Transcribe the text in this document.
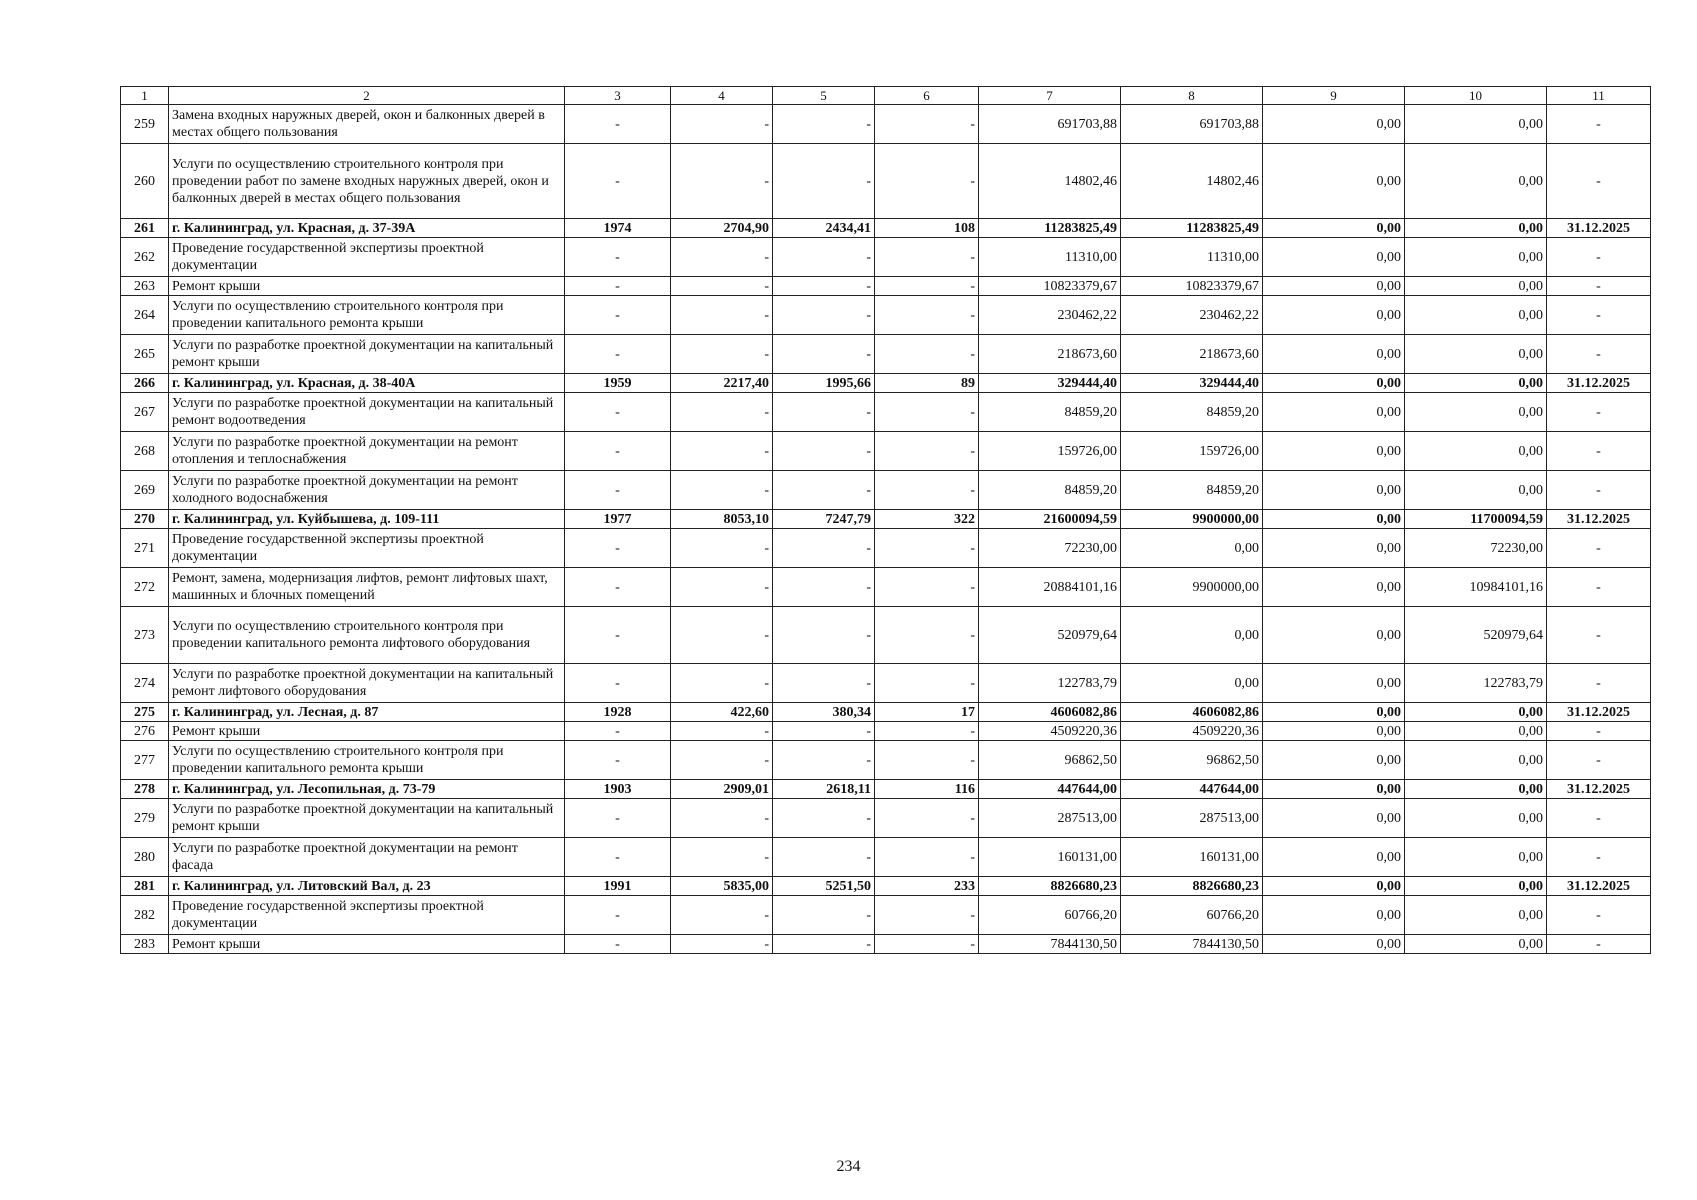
1	2	3	4	5	6	7	8	9	10	11
259	Замена входных наружных дверей, окон и балконных дверей в местах общего пользования	-	-	-	-	691703,88	691703,88	0,00	0,00	-
260	Услуги по осуществлению строительного контроля при проведении работ по замене входных наружных дверей, окон и балконных дверей в местах общего пользования	-	-	-	-	14802,46	14802,46	0,00	0,00	-
261	г. Калининград, ул. Красная, д. 37-39А	1974	2704,90	2434,41	108	11283825,49	11283825,49	0,00	0,00	31.12.2025
262	Проведение государственной экспертизы проектной документации	-	-	-	-	11310,00	11310,00	0,00	0,00	-
263	Ремонт крыши	-	-	-	-	10823379,67	10823379,67	0,00	0,00	-
264	Услуги по осуществлению строительного контроля при проведении капитального ремонта крыши	-	-	-	-	230462,22	230462,22	0,00	0,00	-
265	Услуги по разработке проектной документации на капитальный ремонт крыши	-	-	-	-	218673,60	218673,60	0,00	0,00	-
266	г. Калининград, ул. Красная, д. 38-40А	1959	2217,40	1995,66	89	329444,40	329444,40	0,00	0,00	31.12.2025
267	Услуги по разработке проектной документации на капитальный ремонт водоотведения	-	-	-	-	84859,20	84859,20	0,00	0,00	-
268	Услуги по разработке проектной документации на ремонт отопления и теплоснабжения	-	-	-	-	159726,00	159726,00	0,00	0,00	-
269	Услуги по разработке проектной документации на ремонт холодного водоснабжения	-	-	-	-	84859,20	84859,20	0,00	0,00	-
270	г. Калининград, ул. Куйбышева, д. 109-111	1977	8053,10	7247,79	322	21600094,59	9900000,00	0,00	11700094,59	31.12.2025
271	Проведение государственной экспертизы проектной документации	-	-	-	-	72230,00	0,00	0,00	72230,00	-
272	Ремонт, замена, модернизация лифтов, ремонт лифтовых шахт, машинных и блочных помещений	-	-	-	-	20884101,16	9900000,00	0,00	10984101,16	-
273	Услуги по осуществлению строительного контроля при проведении капитального ремонта лифтового оборудования	-	-	-	-	520979,64	0,00	0,00	520979,64	-
274	Услуги по разработке проектной документации на капитальный ремонт лифтового оборудования	-	-	-	-	122783,79	0,00	0,00	122783,79	-
275	г. Калининград, ул. Лесная, д. 87	1928	422,60	380,34	17	4606082,86	4606082,86	0,00	0,00	31.12.2025
276	Ремонт крыши	-	-	-	-	4509220,36	4509220,36	0,00	0,00	-
277	Услуги по осуществлению строительного контроля при проведении капитального ремонта крыши	-	-	-	-	96862,50	96862,50	0,00	0,00	-
278	г. Калининград, ул. Лесопильная, д. 73-79	1903	2909,01	2618,11	116	447644,00	447644,00	0,00	0,00	31.12.2025
279	Услуги по разработке проектной документации на капитальный ремонт крыши	-	-	-	-	287513,00	287513,00	0,00	0,00	-
280	Услуги по разработке проектной документации на ремонт фасада	-	-	-	-	160131,00	160131,00	0,00	0,00	-
281	г. Калининград, ул. Литовский Вал, д. 23	1991	5835,00	5251,50	233	8826680,23	8826680,23	0,00	0,00	31.12.2025
282	Проведение государственной экспертизы проектной документации	-	-	-	-	60766,20	60766,20	0,00	0,00	-
283	Ремонт крыши	-	-	-	-	7844130,50	7844130,50	0,00	0,00	-
234
